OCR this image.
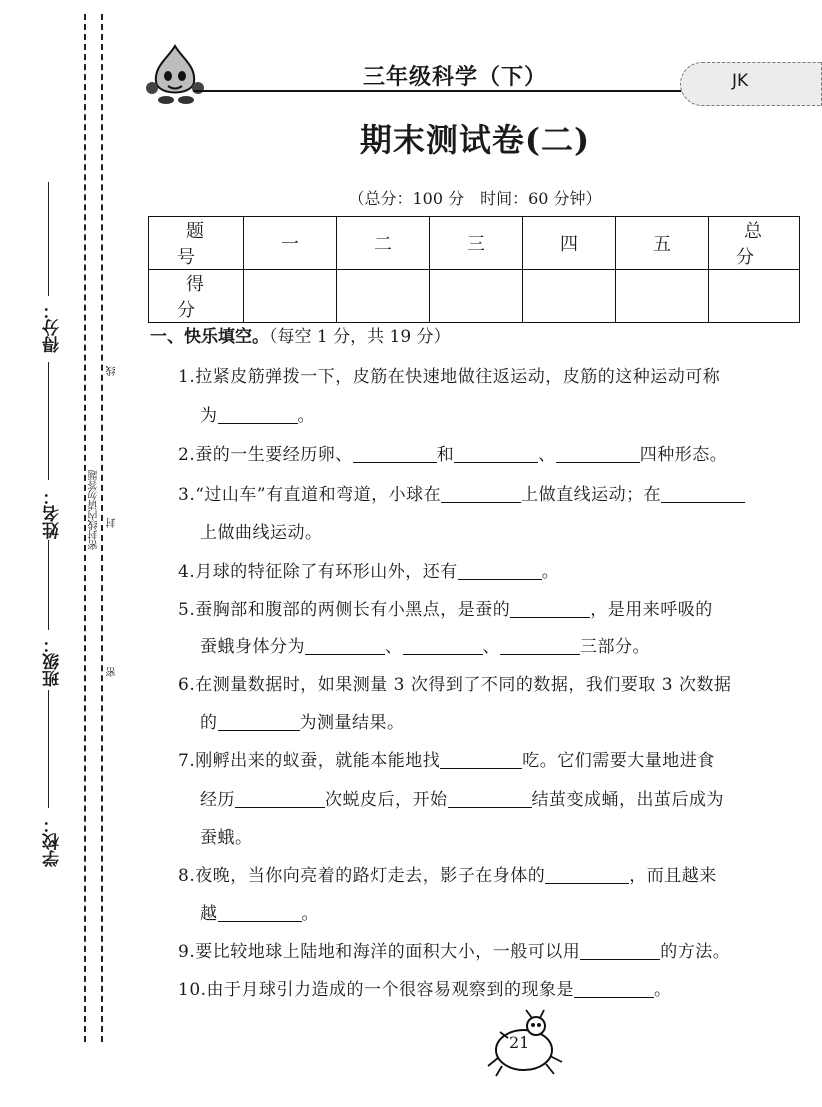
学校：
班级：
姓名：
得分：
密封线内请勿答题
密
封
线
三年级科学（下）	JK
期末测试卷(二)
（总分：100 分　时间：60 分钟）
题　号	一	二	三	四	五	总　分
得　分						
一、快乐填空。（每空 1 分，共 19 分）
1.拉紧皮筋弹拨一下，皮筋在快速地做往返运动，皮筋的这种运动可称
为	。
2.蚕的一生要经历卵、	和	、	四种形态。
3.“过山车”有直道和弯道，小球在	上做直线运动；在
上做曲线运动。
4.月球的特征除了有环形山外，还有	。
5.蚕胸部和腹部的两侧长有小黑点，是蚕的	，是用来呼吸的
蚕蛾身体分为	、	、	三部分。
6.在测量数据时，如果测量 3 次得到了不同的数据，我们要取 3 次数据
的	为测量结果。
7.刚孵出来的蚁蚕，就能本能地找	吃。它们需要大量地进食
经历	次蜕皮后，开始	结茧变成蛹，出茧后成为
蚕蛾。
8.夜晚，当你向亮着的路灯走去，影子在身体的	，而且越来
越	。
9.要比较地球上陆地和海洋的面积大小，一般可以用	的方法。
10.由于月球引力造成的一个很容易观察到的现象是	。
21
